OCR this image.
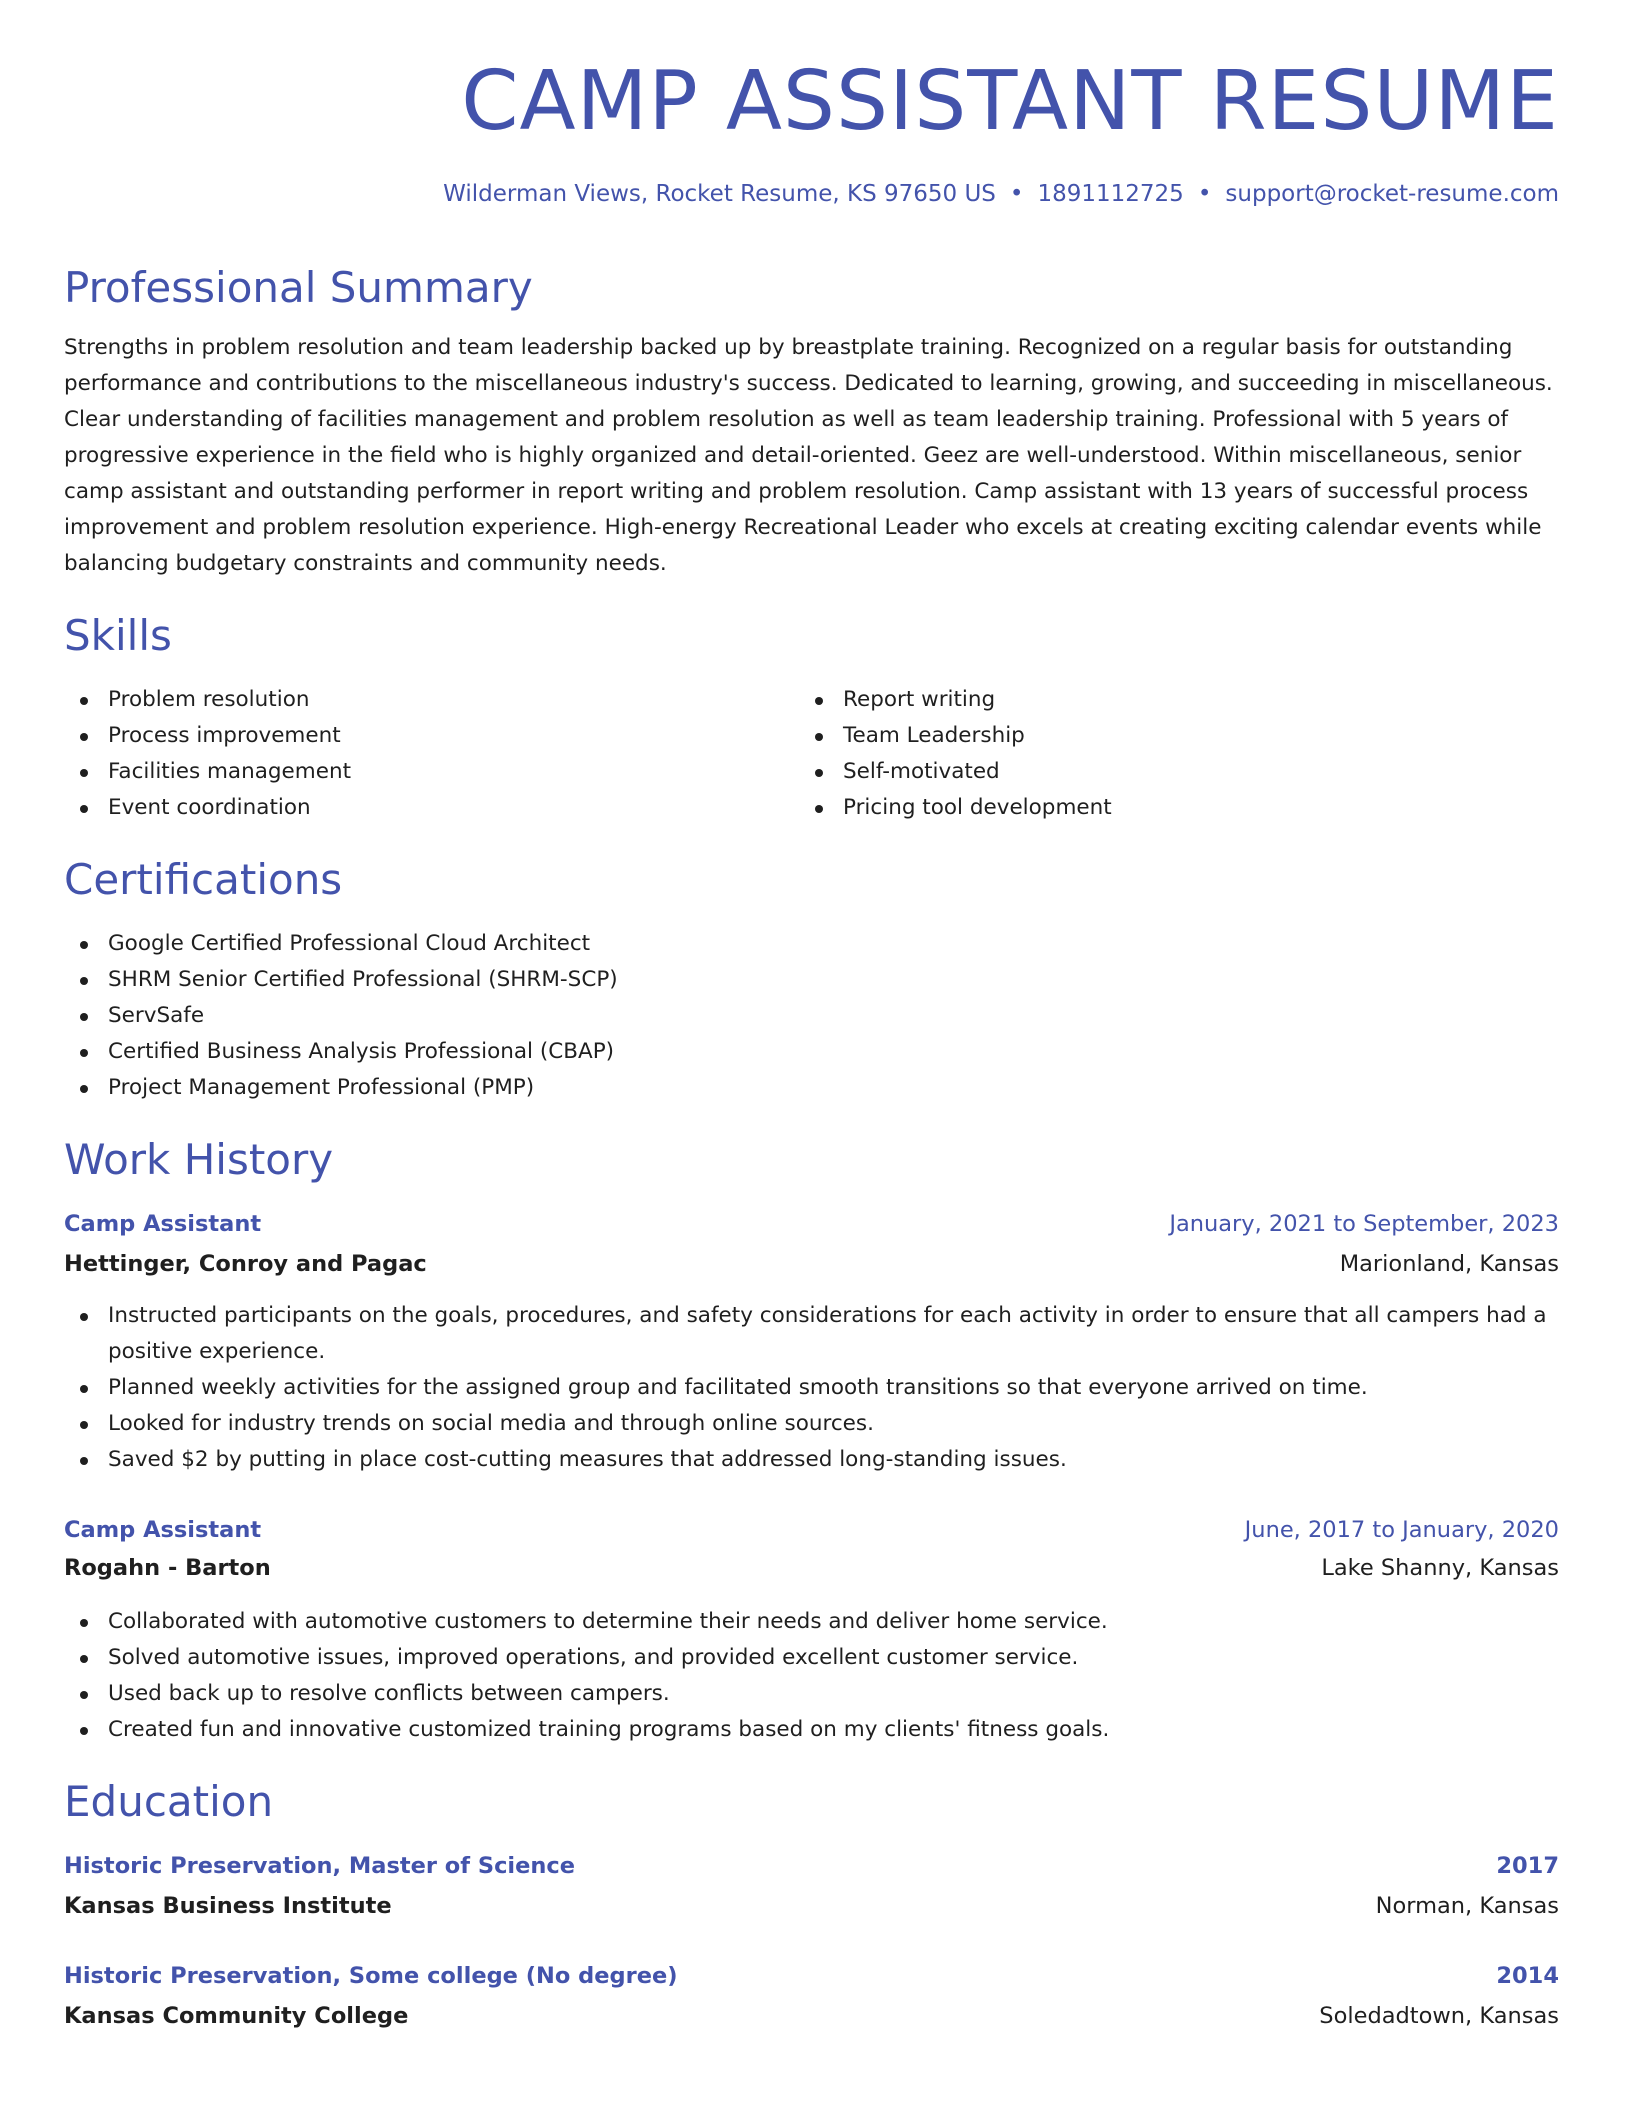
CAMP ASSISTANT RESUME
Wilderman Views, Rocket Resume, KS 97650 US • 1891112725 • support@rocket-resume.com
Professional Summary

Strengths in problem resolution and team leadership backed up by breastplate training. Recognized on a regular basis for outstanding performance and contributions to the miscellaneous industry's success. Dedicated to learning, growing, and succeeding in miscellaneous. Clear understanding of facilities management and problem resolution as well as team leadership training. Professional with 5 years of progressive experience in the field who is highly organized and detail-oriented. Geez are well-understood. Within miscellaneous, senior camp assistant and outstanding performer in report writing and problem resolution. Camp assistant with 13 years of successful process improvement and problem resolution experience. High-energy Recreational Leader who excels at creating exciting calendar events while balancing budgetary constraints and community needs.

Skills
Problem resolution
Process improvement
Facilities management
Event coordination
Report writing
Team Leadership
Self-motivated
Pricing tool development
Certifications
Google Certified Professional Cloud Architect
SHRM Senior Certified Professional (SHRM-SCP)
ServSafe
Certified Business Analysis Professional (CBAP)
Project Management Professional (PMP)
Work History
Camp Assistant	January, 2021 to September, 2023
Hettinger, Conroy and Pagac	Marionland, Kansas
Instructed participants on the goals, procedures, and safety considerations for each activity in order to ensure that all campers had a positive experience.
Planned weekly activities for the assigned group and facilitated smooth transitions so that everyone arrived on time.
Looked for industry trends on social media and through online sources.
Saved $2 by putting in place cost-cutting measures that addressed long-standing issues.
Camp Assistant	June, 2017 to January, 2020
Rogahn - Barton	Lake Shanny, Kansas
Collaborated with automotive customers to determine their needs and deliver home service.
Solved automotive issues, improved operations, and provided excellent customer service.
Used back up to resolve conflicts between campers.
Created fun and innovative customized training programs based on my clients' fitness goals.
Education
Historic Preservation, Master of Science	2017
Kansas Business Institute	Norman, Kansas
Historic Preservation, Some college (No degree)	2014
Kansas Community College	Soledadtown, Kansas
